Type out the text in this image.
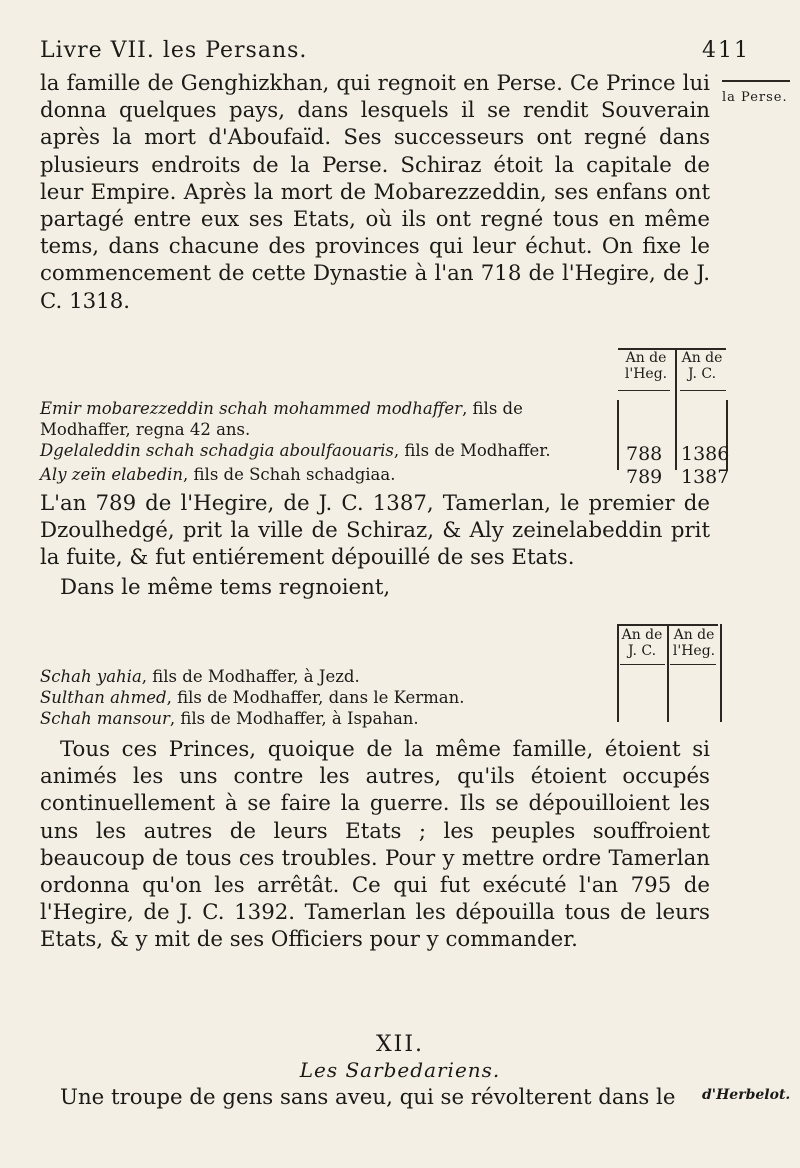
Livre VII. les Persans.	411
la Perse.

la famille de Genghizkhan, qui regnoit en Perse. Ce Prince lui donna quelques pays, dans lesquels il se rendit Souverain après la mort d'Aboufaïd. Ses successeurs ont regné dans plusieurs endroits de la Perse. Schiraz étoit la capitale de leur Empire. Après la mort de Mobarezzeddin, ses enfans ont partagé entre eux ses Etats, où ils ont regné tous en même tems, dans chacune des provinces qui leur échut. On fixe le commencement de cette Dynastie à l'an 718 de l'Hegire, de J. C. 1318.

An de l'Heg.
An de J. C.

Emir mobarezzeddin schah mohammed modhaffer, fils de Modhaffer, regna 42 ans.

Dgelaleddin schah schadgia aboulfaouaris, fils de Modhaffer.	788 1386

Aly zeïn elabedin, fils de Schah schadgiaa.	789 1387

L'an 789 de l'Hegire, de J. C. 1387, Tamerlan, le premier de Dzoulhedgé, prit la ville de Schiraz, & Aly zeinelabeddin prit la fuite, & fut entiérement dépouillé de ses Etats.

Dans le même tems regnoient,

An de J. C.
An de l'Heg.

Schah yahia, fils de Modhaffer, à Jezd.

Sulthan ahmed, fils de Modhaffer, dans le Kerman.

Schah mansour, fils de Modhaffer, à Ispahan.

Tous ces Princes, quoique de la même famille, étoient si animés les uns contre les autres, qu'ils étoient occupés continuellement à se faire la guerre. Ils se dépouilloient les uns les autres de leurs Etats ; les peuples souffroient beaucoup de tous ces troubles. Pour y mettre ordre Tamerlan ordonna qu'on les arrêtât. Ce qui fut exécuté l'an 795 de l'Hegire, de J. C. 1392. Tamerlan les dépouilla tous de leurs Etats, & y mit de ses Officiers pour y commander.

XII.
Les Sarbedariens.

Une troupe de gens sans aveu, qui se révolterent dans le	d'Herbelot.
